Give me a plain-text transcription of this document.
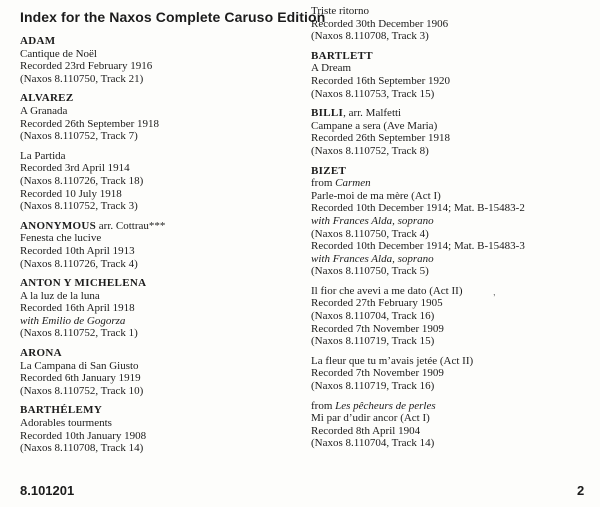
Index for the Naxos Complete Caruso Edition
ADAM
Cantique de Noël
Recorded 23rd February 1916
(Naxos 8.110750, Track 21)
ALVAREZ
A Granada
Recorded 26th September 1918
(Naxos 8.110752, Track 7)
La Partida
Recorded 3rd April 1914
(Naxos 8.110726, Track 18)
Recorded 10 July 1918
(Naxos 8.110752, Track 3)
ANONYMOUS arr. Cottrau***
Fenesta che lucive
Recorded 10th April 1913
(Naxos 8.110726, Track 4)
ANTON Y MICHELENA
A la luz de la luna
Recorded 16th April 1918
with Emilio de Gogorza
(Naxos 8.110752, Track 1)
ARONA
La Campana di San Giusto
Recorded 6th January 1919
(Naxos 8.110752, Track 10)
BARTHÉLEMY
Adorables tourments
Recorded 10th January 1908
(Naxos 8.110708, Track 14)
Triste ritorno
Recorded 30th December 1906
(Naxos 8.110708, Track 3)
BARTLETT
A Dream
Recorded 16th September 1920
(Naxos 8.110753, Track 15)
BILLI, arr. Malfetti
Campane a sera (Ave Maria)
Recorded 26th September 1918
(Naxos 8.110752, Track 8)
BIZET
from Carmen
Parle-moi de ma mère (Act I)
Recorded 10th December 1914; Mat. B-15483-2
with Frances Alda, soprano
(Naxos 8.110750, Track 4)
Recorded 10th December 1914; Mat. B-15483-3
with Frances Alda, soprano
(Naxos 8.110750, Track 5)
Il fior che avevi a me dato (Act II)
Recorded 27th February 1905
(Naxos 8.110704, Track 16)
Recorded 7th November 1909
(Naxos 8.110719, Track 15)
La fleur que tu m’avais jetée (Act II)
Recorded 7th November 1909
(Naxos 8.110719, Track 16)
from Les pêcheurs de perles
Mi par d’udir ancor (Act I)
Recorded 8th April 1904
(Naxos 8.110704, Track 14)
,
8.101201	2
